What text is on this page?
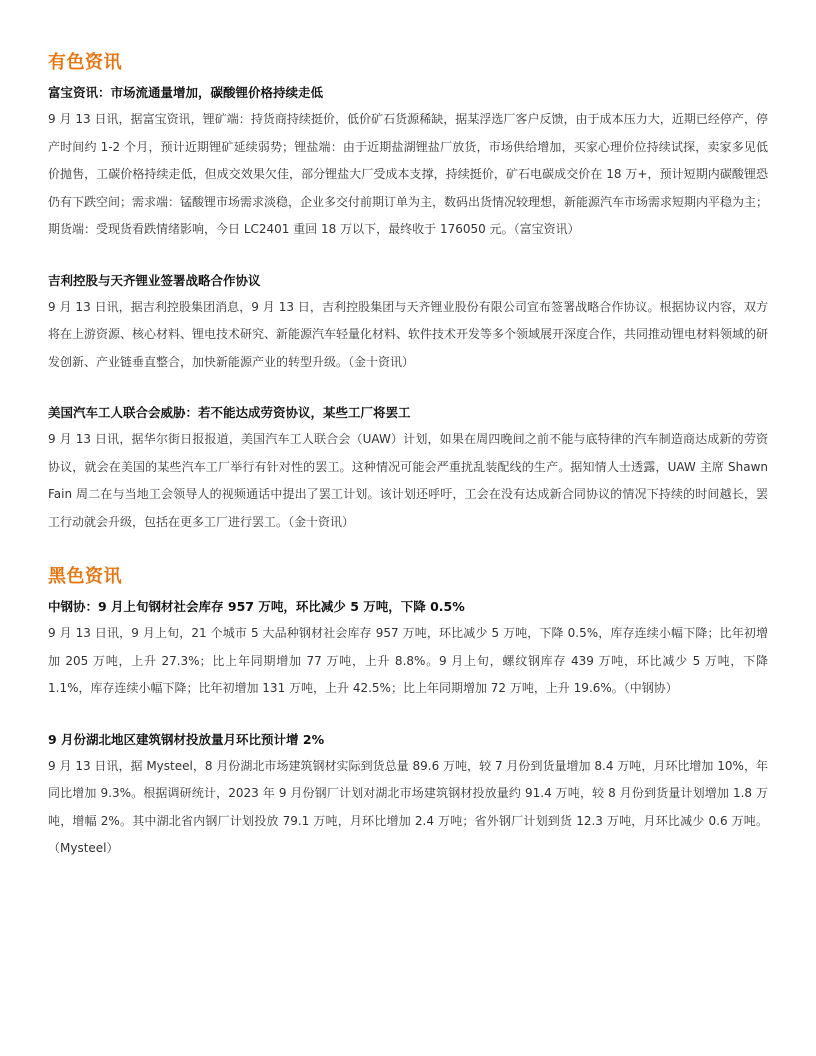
有色资讯
富宝资讯：市场流通量增加，碳酸锂价格持续走低

9 月 13 日讯，据富宝资讯，锂矿端：持货商持续挺价，低价矿石货源稀缺，据某浮选厂客户反馈，由于成本压力大，近期已经停产，停产时间约 1-2 个月，预计近期锂矿延续弱势；锂盐端：由于近期盐湖锂盐厂放货，市场供给增加，买家心理价位持续试探，卖家多见低价抛售，工碳价格持续走低，但成交效果欠佳，部分锂盐大厂受成本支撑，持续挺价，矿石电碳成交价在 18 万+，预计短期内碳酸锂恐仍有下跌空间；需求端：锰酸锂市场需求淡稳，企业多交付前期订单为主，数码出货情况较理想，新能源汽车市场需求短期内平稳为主；期货端：受现货看跌情绪影响，今日 LC2401 重回 18 万以下，最终收于 176050 元。（富宝资讯）

吉利控股与天齐锂业签署战略合作协议

9 月 13 日讯，据吉利控股集团消息，9 月 13 日，吉利控股集团与天齐锂业股份有限公司宣布签署战略合作协议。根据协议内容，双方将在上游资源、核心材料、锂电技术研究、新能源汽车轻量化材料、软件技术开发等多个领域展开深度合作，共同推动锂电材料领域的研发创新、产业链垂直整合，加快新能源产业的转型升级。（金十资讯）

美国汽车工人联合会威胁：若不能达成劳资协议，某些工厂将罢工

9 月 13 日讯，据华尔街日报报道，美国汽车工人联合会（UAW）计划，如果在周四晚间之前不能与底特律的汽车制造商达成新的劳资协议，就会在美国的某些汽车工厂举行有针对性的罢工。这种情况可能会严重扰乱装配线的生产。据知情人士透露，UAW 主席 Shawn Fain 周二在与当地工会领导人的视频通话中提出了罢工计划。该计划还呼吁，工会在没有达成新合同协议的情况下持续的时间越长，罢工行动就会升级，包括在更多工厂进行罢工。（金十资讯）

黑色资讯
中钢协：9 月上旬钢材社会库存 957 万吨，环比减少 5 万吨，下降 0.5%

9 月 13 日讯，9 月上旬，21 个城市 5 大品种钢材社会库存 957 万吨，环比减少 5 万吨，下降 0.5%，库存连续小幅下降；比年初增加 205 万吨，上升 27.3%；比上年同期增加 77 万吨，上升 8.8%。9 月上旬，螺纹钢库存 439 万吨，环比减少 5 万吨，下降 1.1%，库存连续小幅下降；比年初增加 131 万吨，上升 42.5%；比上年同期增加 72 万吨，上升 19.6%。（中钢协）

9 月份湖北地区建筑钢材投放量月环比预计增 2%

9 月 13 日讯，据 Mysteel，8 月份湖北市场建筑钢材实际到货总量 89.6 万吨，较 7 月份到货量增加 8.4 万吨，月环比增加 10%，年同比增加 9.3%。根据调研统计，2023 年 9 月份钢厂计划对湖北市场建筑钢材投放量约 91.4 万吨，较 8 月份到货量计划增加 1.8 万吨，增幅 2%。其中湖北省内钢厂计划投放 79.1 万吨，月环比增加 2.4 万吨；省外钢厂计划到货 12.3 万吨，月环比减少 0.6 万吨。（Mysteel）
